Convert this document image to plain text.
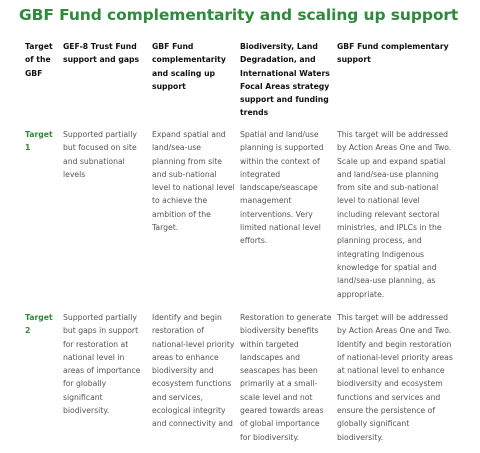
GBF Fund complementarity and scaling up support

Target of the GBF

GEF-8 Trust Fund support and gaps

GBF Fund complementarity and scaling up support

Biodiversity, Land Degradation, and International Waters Focal Areas strategy support and funding trends

GBF Fund complementary support

Target 1

Supported partially but focused on site and subnational levels

Expand spatial and land/sea-use planning from site and sub-national level to national level to achieve the ambition of the Target.

Spatial and land/use planning is supported within the context of integrated landscape/seascape management interventions. Very limited national level efforts.

This target will be addressed by Action Areas One and Two. Scale up and expand spatial and land/sea-use planning from site and sub-national level to national level including relevant sectoral ministries, and IPLCs in the planning process, and integrating Indigenous knowledge for spatial and land/sea-use planning, as appropriate.

Target 2

Supported partially but gaps in support for restoration at national level in areas of importance for globally significant biodiversity.

Identify and begin restoration of national-level priority areas to enhance biodiversity and ecosystem functions and services, ecological integrity and connectivity and

Restoration to generate biodiversity benefits within targeted landscapes and seascapes has been primarily at a small-scale level and not geared towards areas of global importance for biodiversity.

This target will be addressed by Action Areas One and Two. Identify and begin restoration of national-level priority areas at national level to enhance biodiversity and ecosystem functions and services and ensure the persistence of globally significant biodiversity.
